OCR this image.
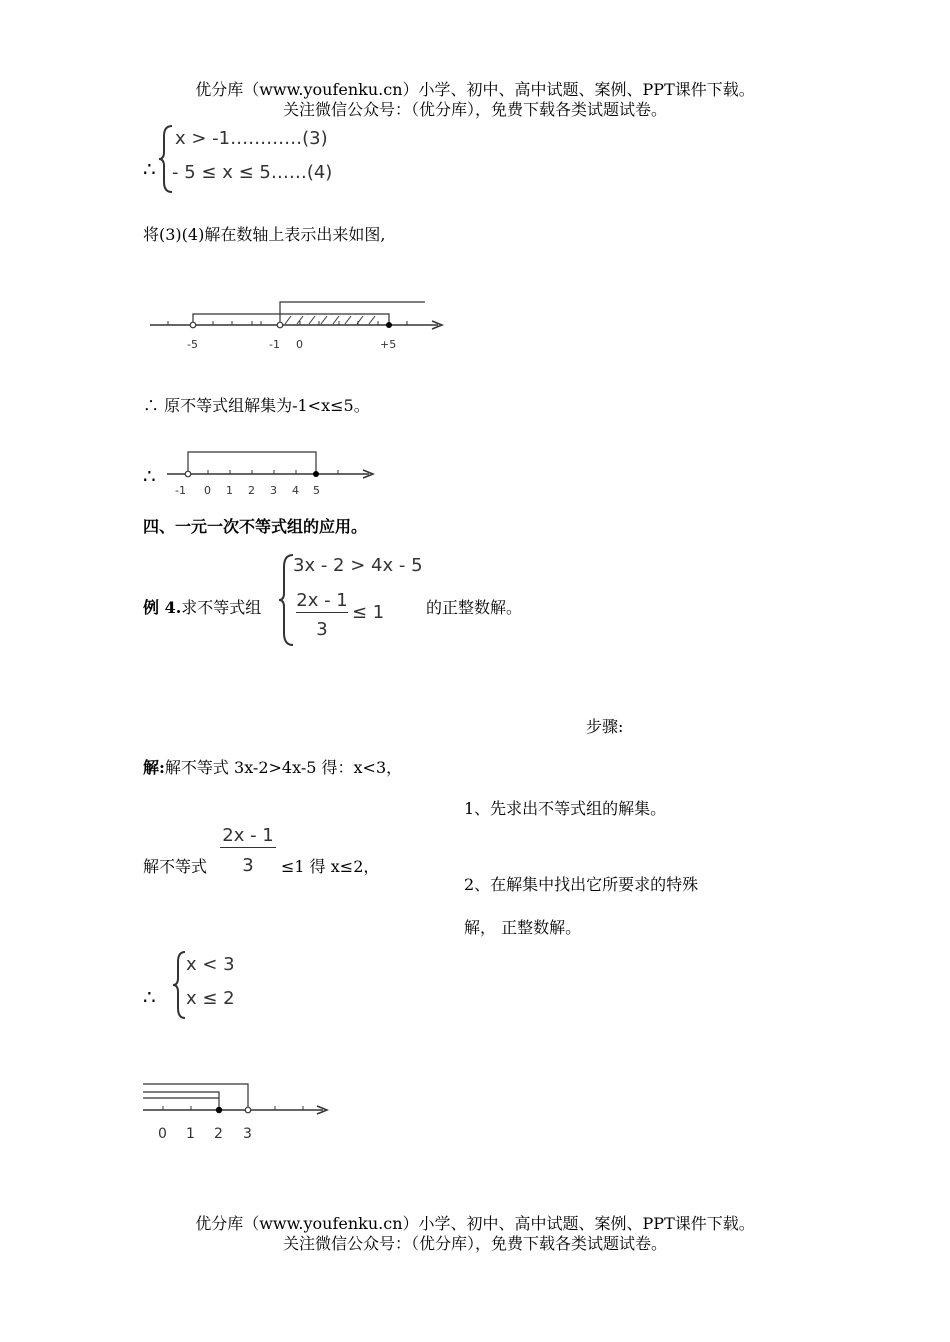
优分库（www.youfenku.cn）小学、初中、高中试题、案例、PPT课件下载。
关注微信公众号：（优分库），免费下载各类试题试卷。
∴
x > -1…………(3)
- 5 ≤ x ≤ 5……(4)
将(3)(4)解在数轴上表示出来如图,
-5	-1 0	+5
∴ 原不等式组解集为-1<x≤5。
∴
-1 0 1 2 3 4 5
四、一元一次不等式组的应用。
例 4.求不等式组
3x - 2 > 4x - 5
2x - 1
3
≤ 1	的正整数解。
步骤:
1、先求出不等式组的解集。
2、在解集中找出它所要求的特殊
解， 正整数解。
解:解不等式 3x-2>4x-5 得：x<3，
解不等式
2x - 1
3	≤1 得 x≤2，
∴
x < 3
x ≤ 2
0 1 2 3
优分库（www.youfenku.cn）小学、初中、高中试题、案例、PPT课件下载。
关注微信公众号：（优分库），免费下载各类试题试卷。
